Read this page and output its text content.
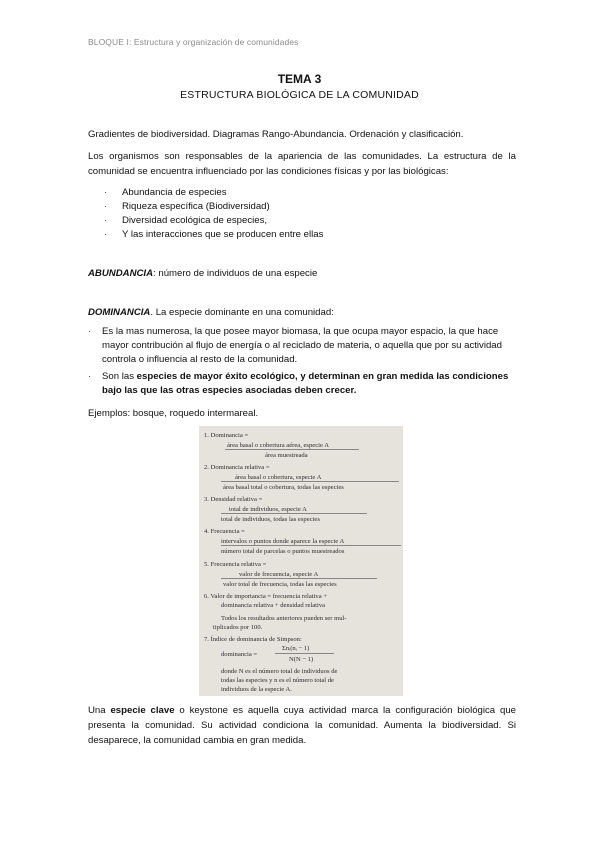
BLOQUE I: Estructura y organización de comunidades
TEMA 3
ESTRUCTURA BIOLÓGICA DE LA COMUNIDAD
Gradientes de biodiversidad. Diagramas Rango-Abundancia. Ordenación y clasificación.
Los organismos son responsables de la apariencia de las comunidades. La estructura de la comunidad se encuentra influenciado por las condiciones físicas y por las biológicas:
·	Abundancia de especies
·	Riqueza específica (Biodiversidad)
·	Diversidad ecológica de especies,
·	Y las interacciones que se producen entre ellas
ABUNDANCIA: número de individuos de una especie
DOMINANCIA. La especie dominante en una comunidad:
·	Es la mas numerosa, la que posee mayor biomasa, la que ocupa mayor espacio, la que hace mayor contribución al flujo de energía o al reciclado de materia, o aquella que por su actividad controla o influencia al resto de la comunidad.
·	Son las especies de mayor éxito ecológico, y determinan en gran medida las condiciones bajo las que las otras especies asociadas deben crecer.
Ejemplos: bosque, roquedo intermareal.
1. Dominancia =
área basal o cobertura aérea, especie A
área muestreada
2. Dominancia relativa =
área basal o cobertura, especie A
área basal total o cobertura, todas las especies
3. Densidad relativa =
total de individuos, especie A
total de individuos, todas las especies
4. Frecuencia =
intervalos o puntos donde aparece la especie A
número total de parcelas o puntos muestreados
5. Frecuencia relativa =
valor de frecuencia, especie A
valor total de frecuencia, todas las especies
6. Valor de importancia = frecuencia relativa +
dominancia relativa + densidad relativa
Todos los resultados anteriores pueden ser mul-
tiplicados por 100.
7. Índice de dominancia de Simpson:
dominancia =
Σnᵢ(nᵢ − 1)
N(N − 1)
donde N es el número total de individuos de
todas las especies y n es el número total de
individuos de la especie A.
Una especie clave o keystone es aquella cuya actividad marca la configuración biológica que presenta la comunidad. Su actividad condiciona la comunidad. Aumenta la biodiversidad. Si desaparece, la comunidad cambia en gran medida.
